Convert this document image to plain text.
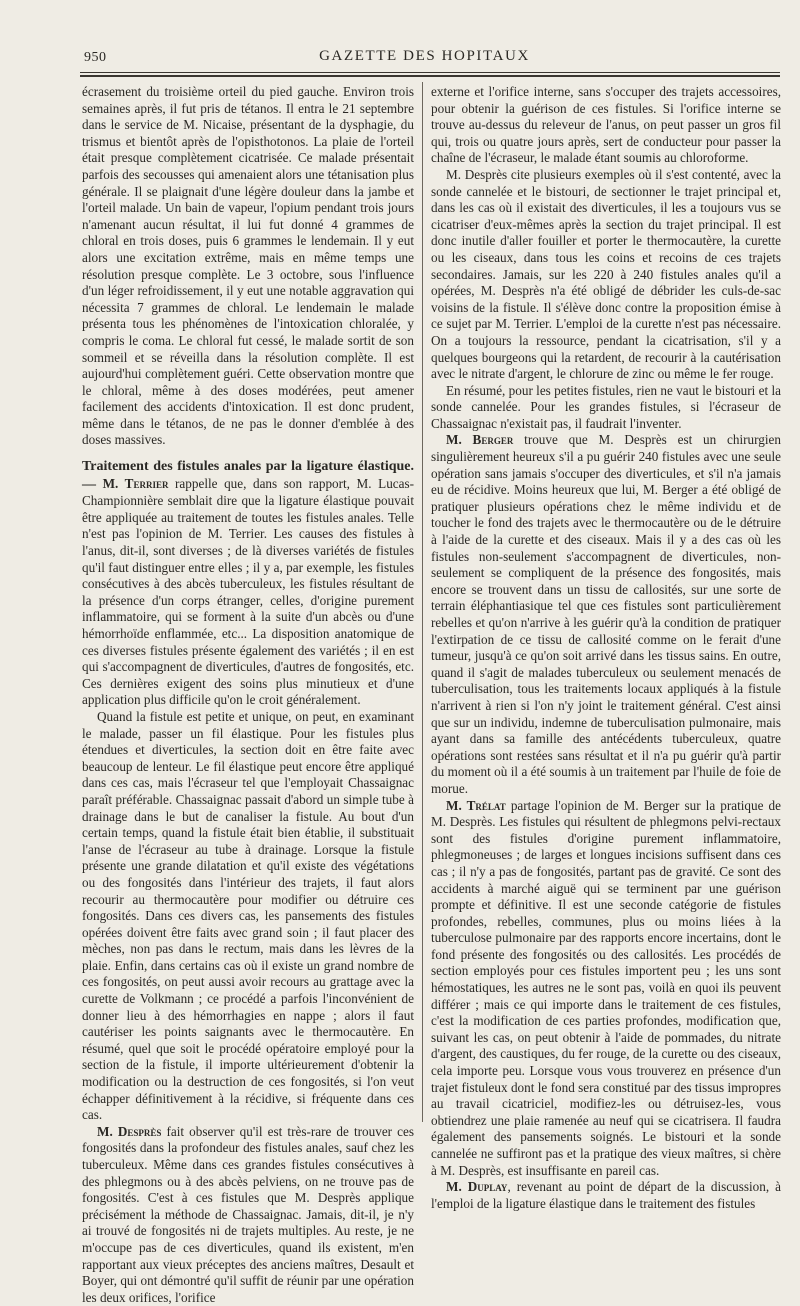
950	GAZETTE DES HOPITAUX

écrasement du troisième orteil du pied gauche. Environ trois semaines après, il fut pris de tétanos. Il entra le 21 septembre dans le service de M. Nicaise, présentant de la dysphagie, du trismus et bientôt après de l'opisthotonos. La plaie de l'orteil était presque complètement cicatrisée. Ce malade présentait parfois des secousses qui amenaient alors une tétanisation plus générale. Il se plaignait d'une légère douleur dans la jambe et l'orteil malade. Un bain de vapeur, l'opium pendant trois jours n'amenant aucun résultat, il lui fut donné 4 grammes de chloral en trois doses, puis 6 grammes le lendemain. Il y eut alors une excitation extrême, mais en même temps une résolution presque complète. Le 3 octobre, sous l'influence d'un léger refroidissement, il y eut une notable aggravation qui nécessita 7 grammes de chloral. Le lendemain le malade présenta tous les phénomènes de l'intoxication chloralée, y compris le coma. Le chloral fut cessé, le malade sortit de son sommeil et se réveilla dans la résolution complète. Il est aujourd'hui complètement guéri. Cette observation montre que le chloral, même à des doses modérées, peut amener facilement des accidents d'intoxication. Il est donc prudent, même dans le tétanos, de ne pas le donner d'emblée à des doses massives.

Traitement des fistules anales par la ligature élastique. — M. Terrier rappelle que, dans son rapport, M. Lucas-Championnière semblait dire que la ligature élastique pouvait être appliquée au traitement de toutes les fistules anales. Telle n'est pas l'opinion de M. Terrier. Les causes des fistules à l'anus, dit-il, sont diverses ; de là diverses variétés de fistules qu'il faut distinguer entre elles ; il y a, par exemple, les fistules consécutives à des abcès tuberculeux, les fistules résultant de la présence d'un corps étranger, celles, d'origine purement inflammatoire, qui se forment à la suite d'un abcès ou d'une hémorrhoïde enflammée, etc... La disposition anatomique de ces diverses fistules présente également des variétés ; il en est qui s'accompagnent de diverticules, d'autres de fongosités, etc. Ces dernières exigent des soins plus minutieux et d'une application plus difficile qu'on le croit généralement.

Quand la fistule est petite et unique, on peut, en examinant le malade, passer un fil élastique. Pour les fistules plus étendues et diverticules, la section doit en être faite avec beaucoup de lenteur. Le fil élastique peut encore être appliqué dans ces cas, mais l'écraseur tel que l'employait Chassaignac paraît préférable. Chassaignac passait d'abord un simple tube à drainage dans le but de canaliser la fistule. Au bout d'un certain temps, quand la fistule était bien établie, il substituait l'anse de l'écraseur au tube à drainage. Lorsque la fistule présente une grande dilatation et qu'il existe des végétations ou des fongosités dans l'intérieur des trajets, il faut alors recourir au thermocautère pour modifier ou détruire ces fongosités. Dans ces divers cas, les pansements des fistules opérées doivent être faits avec grand soin ; il faut placer des mèches, non pas dans le rectum, mais dans les lèvres de la plaie. Enfin, dans certains cas où il existe un grand nombre de ces fongosités, on peut aussi avoir recours au grattage avec la curette de Volkmann ; ce procédé a parfois l'inconvénient de donner lieu à des hémorrhagies en nappe ; alors il faut cautériser les points saignants avec le thermocautère. En résumé, quel que soit le procédé opératoire employé pour la section de la fistule, il importe ultérieurement d'obtenir la modification ou la destruction de ces fongosités, si l'on veut échapper définitivement à la récidive, si fréquente dans ces cas.

M. Desprès fait observer qu'il est très-rare de trouver ces fongosités dans la profondeur des fistules anales, sauf chez les tuberculeux. Même dans ces grandes fistules consécutives à des phlegmons ou à des abcès pelviens, on ne trouve pas de fongosités. C'est à ces fistules que M. Desprès applique précisément la méthode de Chassaignac. Jamais, dit-il, je n'y ai trouvé de fongosités ni de trajets multiples. Au reste, je ne m'occupe pas de ces diverticules, quand ils existent, m'en rapportant aux vieux préceptes des anciens maîtres, Desault et Boyer, qui ont démontré qu'il suffit de réunir par une opération les deux orifices, l'orifice

externe et l'orifice interne, sans s'occuper des trajets accessoires, pour obtenir la guérison de ces fistules. Si l'orifice interne se trouve au-dessus du releveur de l'anus, on peut passer un gros fil qui, trois ou quatre jours après, sert de conducteur pour passer la chaîne de l'écraseur, le malade étant soumis au chloroforme.

M. Desprès cite plusieurs exemples où il s'est contenté, avec la sonde cannelée et le bistouri, de sectionner le trajet principal et, dans les cas où il existait des diverticules, il les a toujours vus se cicatriser d'eux-mêmes après la section du trajet principal. Il est donc inutile d'aller fouiller et porter le thermocautère, la curette ou les ciseaux, dans tous les coins et recoins de ces trajets secondaires. Jamais, sur les 220 à 240 fistules anales qu'il a opérées, M. Desprès n'a été obligé de débrider les culs-de-sac voisins de la fistule. Il s'élève donc contre la proposition émise à ce sujet par M. Terrier. L'emploi de la curette n'est pas nécessaire. On a toujours la ressource, pendant la cicatrisation, s'il y a quelques bourgeons qui la retardent, de recourir à la cautérisation avec le nitrate d'argent, le chlorure de zinc ou même le fer rouge.

En résumé, pour les petites fistules, rien ne vaut le bistouri et la sonde cannelée. Pour les grandes fistules, si l'écraseur de Chassaignac n'existait pas, il faudrait l'inventer.

M. Berger trouve que M. Desprès est un chirurgien singulièrement heureux s'il a pu guérir 240 fistules avec une seule opération sans jamais s'occuper des diverticules, et s'il n'a jamais eu de récidive. Moins heureux que lui, M. Berger a été obligé de pratiquer plusieurs opérations chez le même individu et de toucher le fond des trajets avec le thermocautère ou de le détruire à l'aide de la curette et des ciseaux. Mais il y a des cas où les fistules non-seulement s'accompagnent de diverticules, non-seulement se compliquent de la présence des fongosités, mais encore se trouvent dans un tissu de callosités, sur une sorte de terrain éléphantiasique tel que ces fistules sont particulièrement rebelles et qu'on n'arrive à les guérir qu'à la condition de pratiquer l'extirpation de ce tissu de callosité comme on le ferait d'une tumeur, jusqu'à ce qu'on soit arrivé dans les tissus sains. En outre, quand il s'agit de malades tuberculeux ou seulement menacés de tuberculisation, tous les traitements locaux appliqués à la fistule n'arrivent à rien si l'on n'y joint le traitement général. C'est ainsi que sur un individu, indemne de tuberculisation pulmonaire, mais ayant dans sa famille des antécédents tuberculeux, quatre opérations sont restées sans résultat et il n'a pu guérir qu'à partir du moment où il a été soumis à un traitement par l'huile de foie de morue.

M. Trélat partage l'opinion de M. Berger sur la pratique de M. Desprès. Les fistules qui résultent de phlegmons pelvi-rectaux sont des fistules d'origine purement inflammatoire, phlegmoneuses ; de larges et longues incisions suffisent dans ces cas ; il n'y a pas de fongosités, partant pas de gravité. Ce sont des accidents à marché aiguë qui se terminent par une guérison prompte et définitive. Il est une seconde catégorie de fistules profondes, rebelles, communes, plus ou moins liées à la tuberculose pulmonaire par des rapports encore incertains, dont le fond présente des fongosités ou des callosités. Les procédés de section employés pour ces fistules importent peu ; les uns sont hémostatiques, les autres ne le sont pas, voilà en quoi ils peuvent différer ; mais ce qui importe dans le traitement de ces fistules, c'est la modification de ces parties profondes, modification que, suivant les cas, on peut obtenir à l'aide de pommades, du nitrate d'argent, des caustiques, du fer rouge, de la curette ou des ciseaux, cela importe peu. Lorsque vous vous trouverez en présence d'un trajet fistuleux dont le fond sera constitué par des tissus impropres au travail cicatriciel, modifiez-les ou détruisez-les, vous obtiendrez une plaie ramenée au neuf qui se cicatrisera. Il faudra également des pansements soignés. Le bistouri et la sonde cannelée ne suffiront pas et la pratique des vieux maîtres, si chère à M. Desprès, est insuffisante en pareil cas.

M. Duplay, revenant au point de départ de la discussion, à l'emploi de la ligature élastique dans le traitement des fistules
